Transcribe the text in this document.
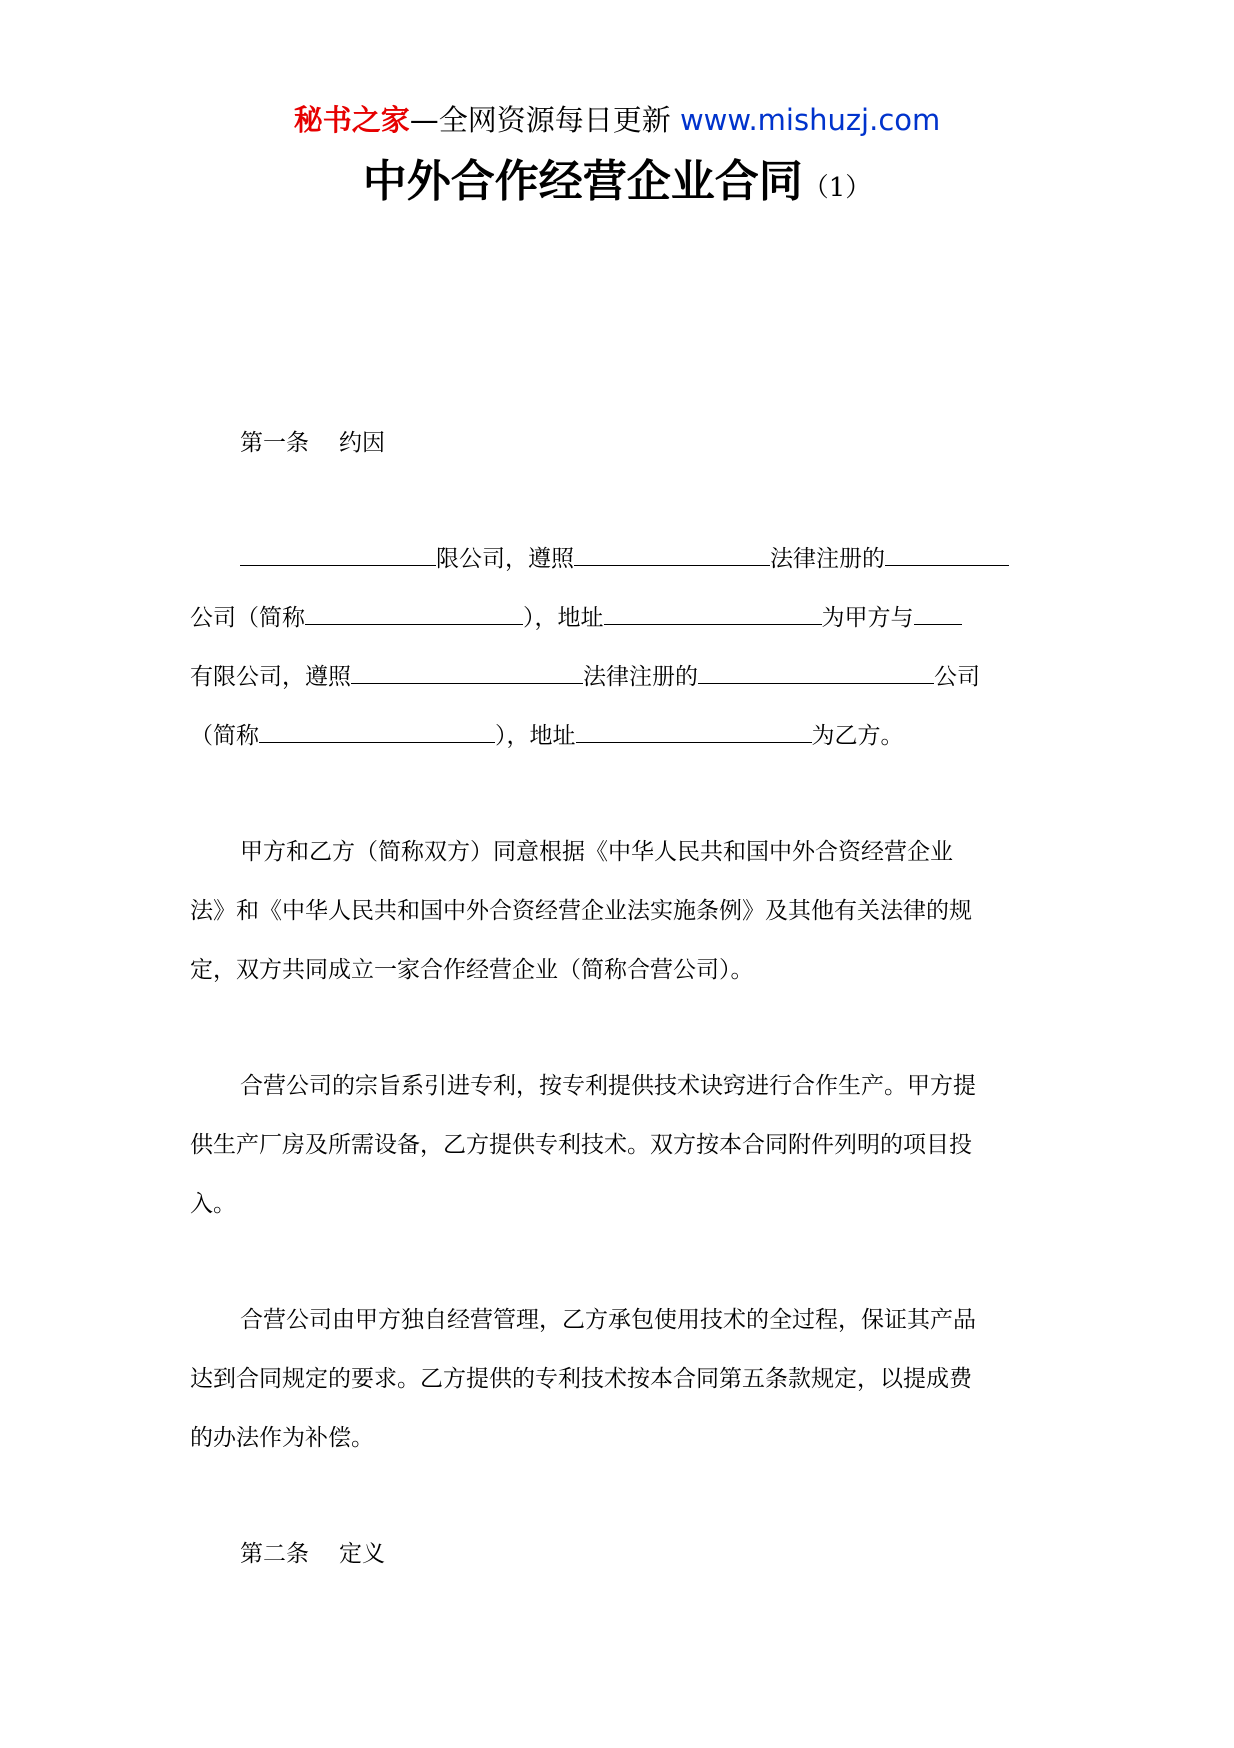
秘书之家—全网资源每日更新 www.mishuzj.com
中外合作经营企业合同（1）
第一条 约因
限公司，遵照	法律注册的
公司（简称	），地址	为甲方与
有限公司，遵照	法律注册的	公司
（简称	），地址	为乙方。
甲方和乙方（简称双方）同意根据《中华人民共和国中外合资经营企业
法》和《中华人民共和国中外合资经营企业法实施条例》及其他有关法律的规
定，双方共同成立一家合作经营企业（简称合营公司）。
合营公司的宗旨系引进专利，按专利提供技术诀窍进行合作生产。甲方提
供生产厂房及所需设备，乙方提供专利技术。双方按本合同附件列明的项目投
入。
合营公司由甲方独自经营管理，乙方承包使用技术的全过程，保证其产品
达到合同规定的要求。乙方提供的专利技术按本合同第五条款规定，以提成费
的办法作为补偿。
第二条 定义
